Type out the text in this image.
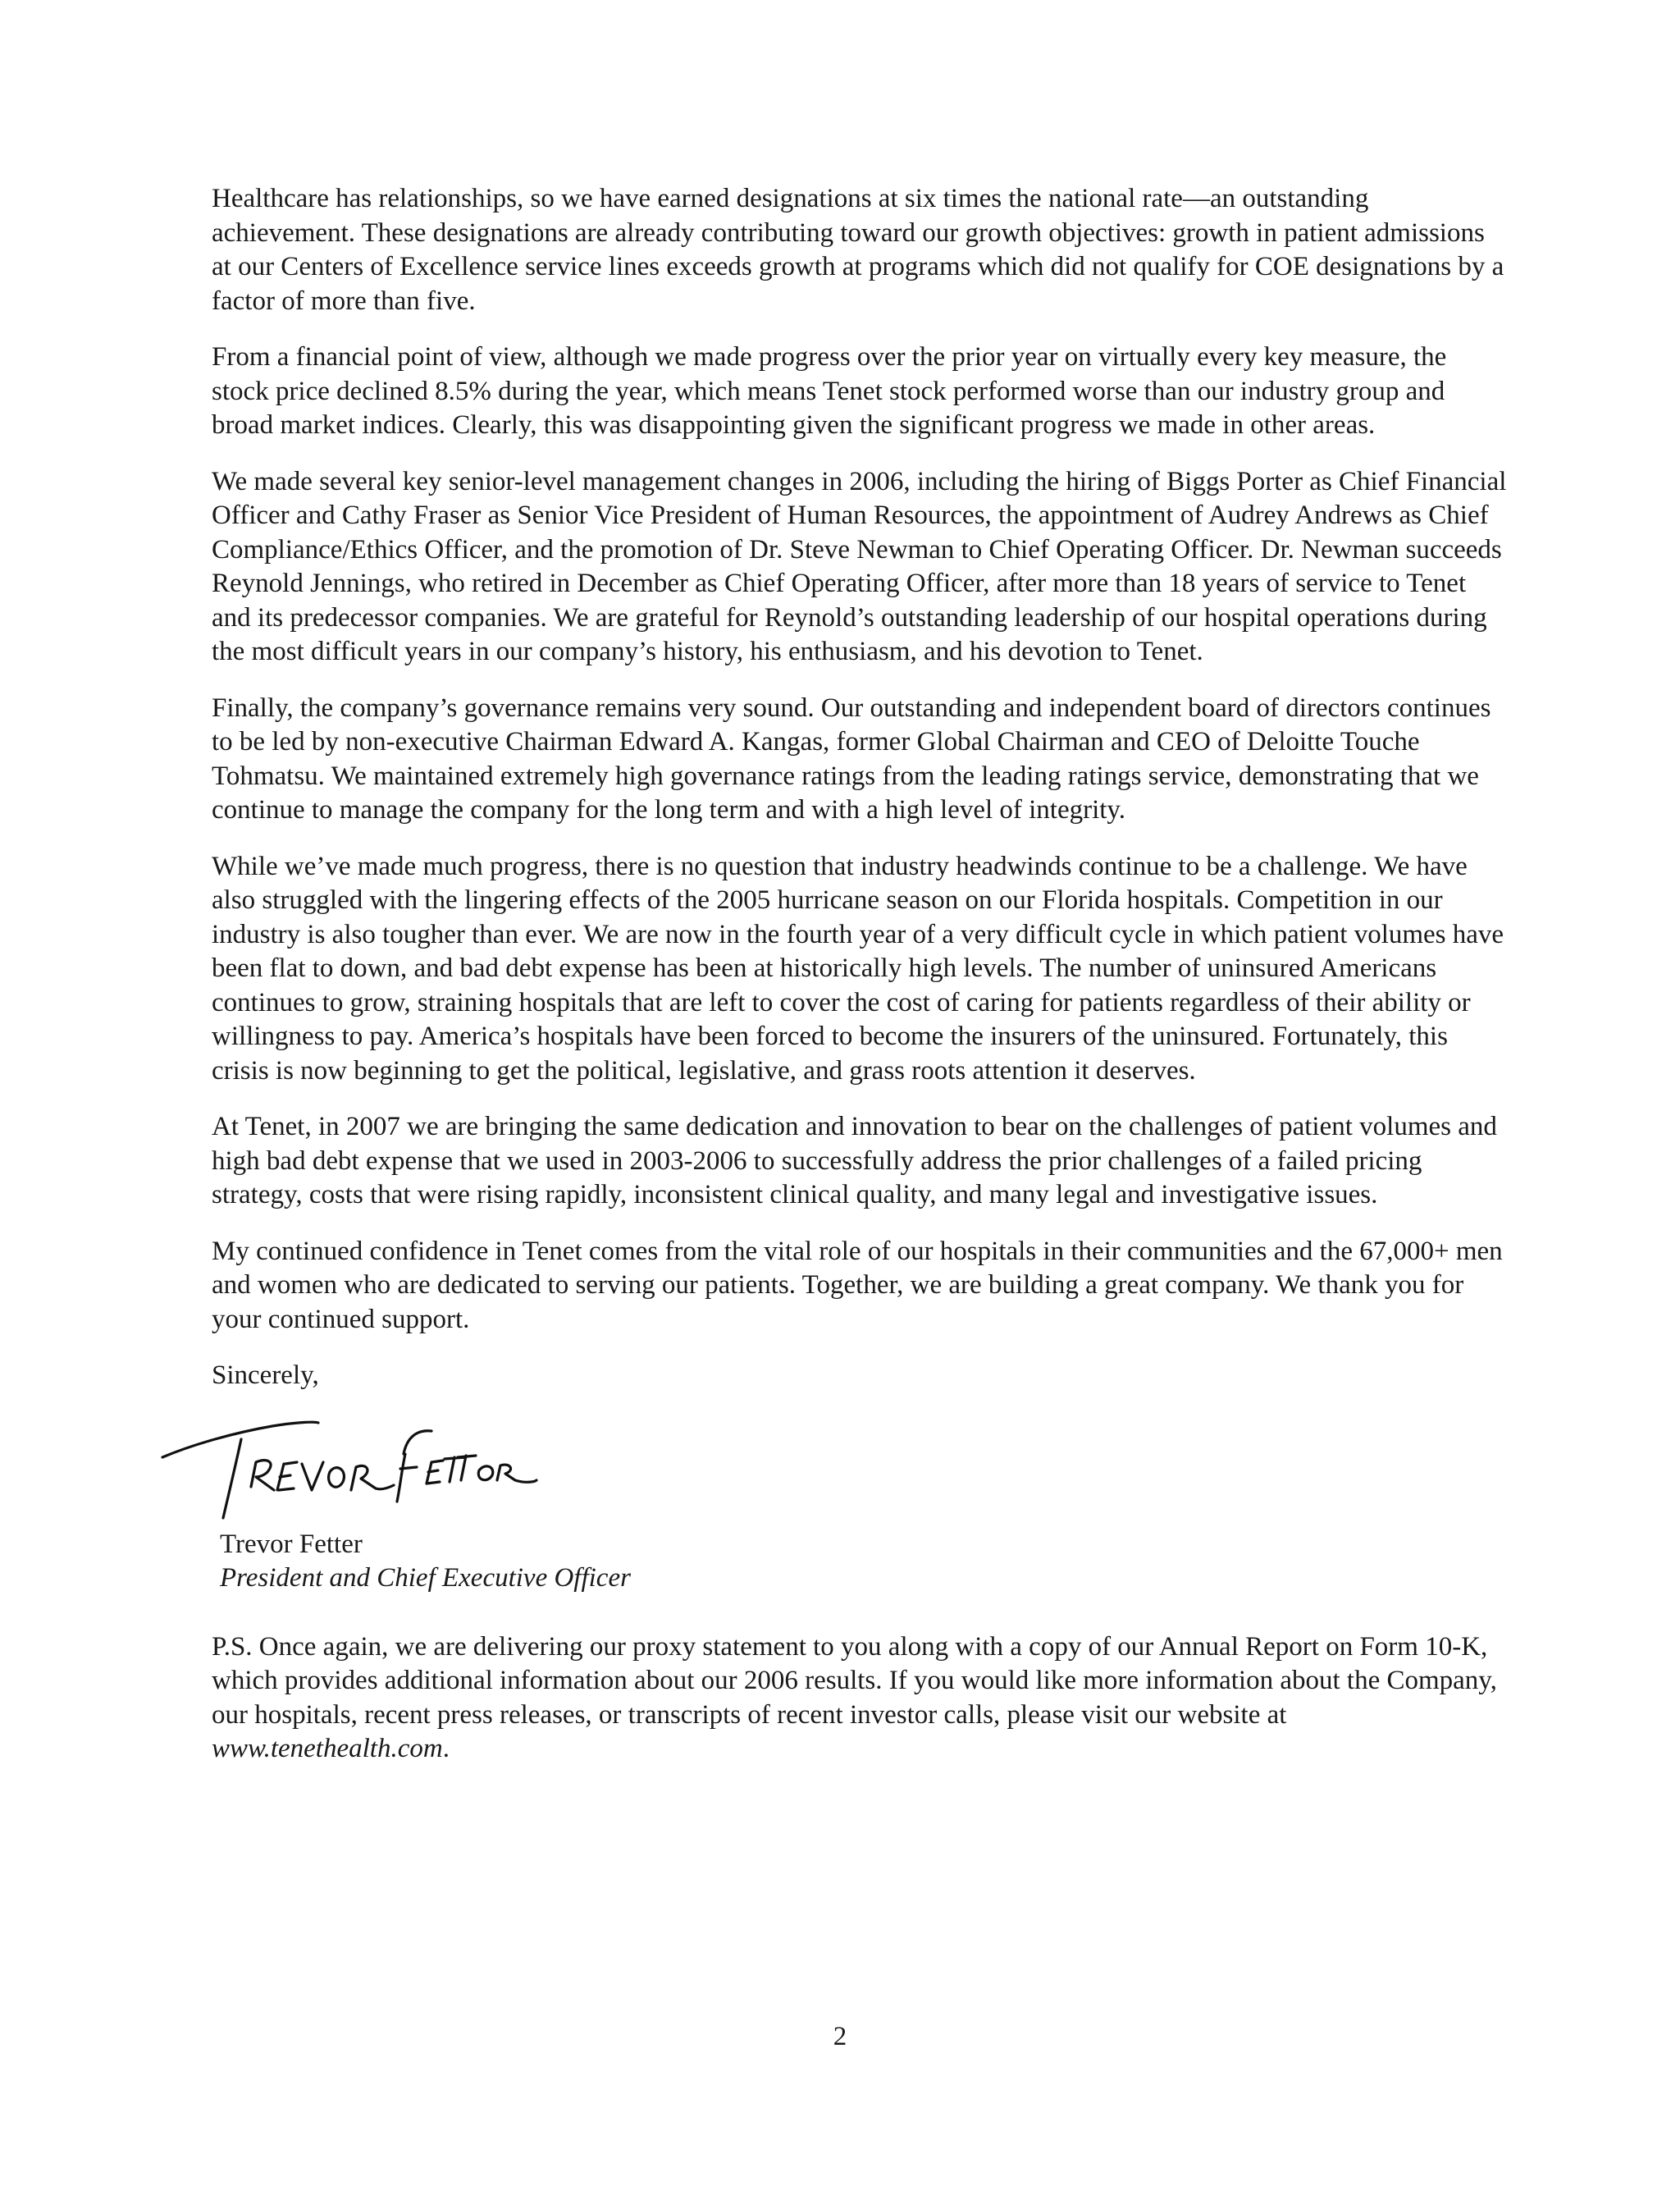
Healthcare has relationships, so we have earned designations at six times the national rate—an outstanding achievement. These designations are already contributing toward our growth objectives: growth in patient admissions at our Centers of Excellence service lines exceeds growth at programs which did not qualify for COE designations by a factor of more than five.

From a financial point of view, although we made progress over the prior year on virtually every key measure, the stock price declined 8.5% during the year, which means Tenet stock performed worse than our industry group and broad market indices. Clearly, this was disappointing given the significant progress we made in other areas.

We made several key senior-level management changes in 2006, including the hiring of Biggs Porter as Chief Financial Officer and Cathy Fraser as Senior Vice President of Human Resources, the appointment of Audrey Andrews as Chief Compliance/Ethics Officer, and the promotion of Dr. Steve Newman to Chief Operating Officer. Dr. Newman succeeds Reynold Jennings, who retired in December as Chief Operating Officer, after more than 18 years of service to Tenet and its predecessor companies. We are grateful for Reynold’s outstanding leadership of our hospital operations during the most difficult years in our company’s history, his enthusiasm, and his devotion to Tenet.

Finally, the company’s governance remains very sound. Our outstanding and independent board of directors continues to be led by non-executive Chairman Edward A. Kangas, former Global Chairman and CEO of Deloitte Touche Tohmatsu. We maintained extremely high governance ratings from the leading ratings service, demonstrating that we continue to manage the company for the long term and with a high level of integrity.

While we’ve made much progress, there is no question that industry headwinds continue to be a challenge. We have also struggled with the lingering effects of the 2005 hurricane season on our Florida hospitals. Competition in our industry is also tougher than ever. We are now in the fourth year of a very difficult cycle in which patient volumes have been flat to down, and bad debt expense has been at historically high levels. The number of uninsured Americans continues to grow, straining hospitals that are left to cover the cost of caring for patients regardless of their ability or willingness to pay. America’s hospitals have been forced to become the insurers of the uninsured. Fortunately, this crisis is now beginning to get the political, legislative, and grass roots attention it deserves.

At Tenet, in 2007 we are bringing the same dedication and innovation to bear on the challenges of patient volumes and high bad debt expense that we used in 2003-2006 to successfully address the prior challenges of a failed pricing strategy, costs that were rising rapidly, inconsistent clinical quality, and many legal and investigative issues.

My continued confidence in Tenet comes from the vital role of our hospitals in their communities and the 67,000+ men and women who are dedicated to serving our patients. Together, we are building a great company. We thank you for your continued support.

Sincerely,

Trevor Fetter

President and Chief Executive Officer

P.S. Once again, we are delivering our proxy statement to you along with a copy of our Annual Report on Form 10-K, which provides additional information about our 2006 results. If you would like more information about the Company, our hospitals, recent press releases, or transcripts of recent investor calls, please visit our website at www.tenethealth.com.

2
